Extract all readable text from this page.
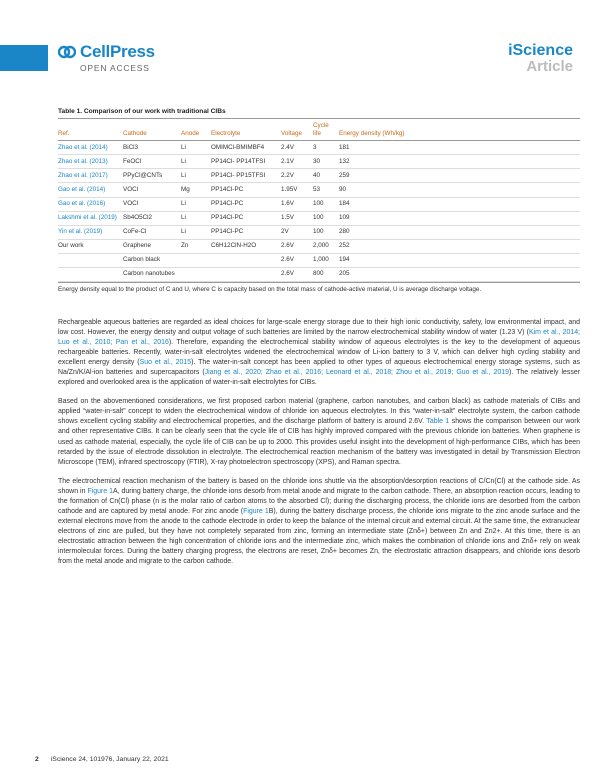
CellPress
OPEN ACCESS
iScience
Article
Table 1. Comparison of our work with traditional CIBs
Ref.	Cathode	Anode	Electrolyte	Voltage	Cycle life	Energy density (Wh/kg)
Zhao et al. (2014)	BiCl3	Li	OMIMCl-BMIMBF4	2.4V	3	181
Zhao et al. (2013)	FeOCl	Li	PP14Cl- PP14TFSI	2.1V	30	132
Zhao et al. (2017)	PPyCl@CNTs	Li	PP14Cl- PP15TFSI	2.2V	40	259
Gao et al. (2014)	VOCl	Mg	PP14Cl-PC	1.95V	53	90
Gao et al. (2016)	VOCl	Li	PP14Cl-PC	1.6V	100	184
Lakshmi et al. (2019)	Sb4O5Cl2	Li	PP14Cl-PC	1.5V	100	109
Yin et al. (2019)	CoFe-Cl	Li	PP14Cl-PC	2V	100	280
Our work	Graphene	Zn	C6H12ClN-H2O	2.6V	2,000	252
	Carbon black			2.6V	1,000	194
	Carbon nanotubes			2.6V	800	205
Energy density equal to the product of C and U, where C is capacity based on the total mass of cathode-active material, U is average discharge voltage.

Rechargeable aqueous batteries are regarded as ideal choices for large-scale energy storage due to their high ionic conductivity, safety, low environmental impact, and low cost. However, the energy density and output voltage of such batteries are limited by the narrow electrochemical stability window of water (1.23 V) (Kim et al., 2014; Luo et al., 2010; Pan et al., 2016). Therefore, expanding the electrochemical stability window of aqueous electrolytes is the key to the development of aqueous rechargeable batteries. Recently, water-in-salt electrolytes widened the electrochemical window of Li-ion battery to 3 V, which can deliver high cycling stability and excellent energy density (Suo et al., 2015). The water-in-salt concept has been applied to other types of aqueous electrochemical energy storage systems, such as Na/Zn/K/Al-ion batteries and supercapacitors (Jiang et al., 2020; Zhao et al., 2016; Leonard et al., 2018; Zhou et al., 2019; Guo et al., 2019). The relatively lesser explored and overlooked area is the application of water-in-salt electrolytes for CIBs.

Based on the abovementioned considerations, we first proposed carbon material (graphene, carbon nanotubes, and carbon black) as cathode materials of CIBs and applied “water-in-salt” concept to widen the electrochemical window of chloride ion aqueous electrolytes. In this “water-in-salt” electrolyte system, the carbon cathode shows excellent cycling stability and electrochemical properties, and the discharge platform of battery is around 2.6V. Table 1 shows the comparison between our work and other representative CIBs. It can be clearly seen that the cycle life of CIB has highly improved compared with the previous chloride ion batteries. When graphene is used as cathode material, especially, the cycle life of CIB can be up to 2000. This provides useful insight into the development of high-performance CIBs, which has been retarded by the issue of electrode dissolution in electrolyte. The electrochemical reaction mechanism of the battery was investigated in detail by Transmission Electron Microscope (TEM), infrared spectroscopy (FTIR), X-ray photoelectron spectroscopy (XPS), and Raman spectra.

The electrochemical reaction mechanism of the battery is based on the chloride ions shuttle via the absorption/desorption reactions of C/Cn(Cl) at the cathode side. As shown in Figure 1A, during battery charge, the chloride ions desorb from metal anode and migrate to the carbon cathode. There, an absorption reaction occurs, leading to the formation of Cn(Cl) phase (n is the molar ratio of carbon atoms to the absorbed Cl); during the discharging process, the chloride ions are desorbed from the carbon cathode and are captured by metal anode. For zinc anode (Figure 1B), during the battery discharge process, the chloride ions migrate to the zinc anode surface and the external electrons move from the anode to the cathode electrode in order to keep the balance of the internal circuit and external circuit. At the same time, the extranuclear electrons of zinc are pulled, but they have not completely separated from zinc, forming an intermediate state (Znδ+) between Zn and Zn2+. At this time, there is an electrostatic attraction between the high concentration of chloride ions and the intermediate zinc, which makes the combination of chloride ions and Znδ+ rely on weak intermolecular forces. During the battery charging progress, the electrons are reset, Znδ+ becomes Zn, the electrostatic attraction disappears, and chloride ions desorb from the metal anode and migrate to the carbon cathode.

2 iScience 24, 101976, January 22, 2021
